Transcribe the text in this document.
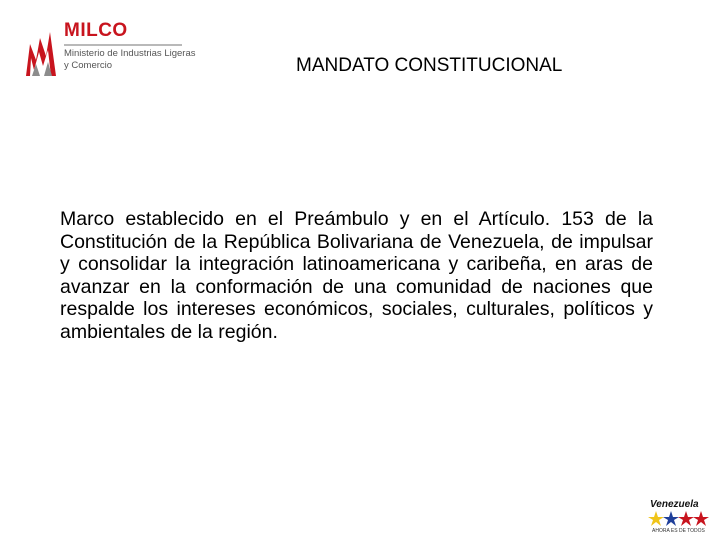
MILCO
Ministerio de Industrias Ligeras
y Comercio	MANDATO CONSTITUCIONAL

Marco establecido en el Preámbulo y en el Artículo. 153 de la Constitución de la República Bolivariana de Venezuela, de impulsar y consolidar la integración latinoamericana y caribeña, en aras de avanzar en la conformación de una comunidad de naciones que respalde los intereses económicos, sociales, culturales, políticos y ambientales de la región.

Venezuela
AHORA ES DE TODOS
